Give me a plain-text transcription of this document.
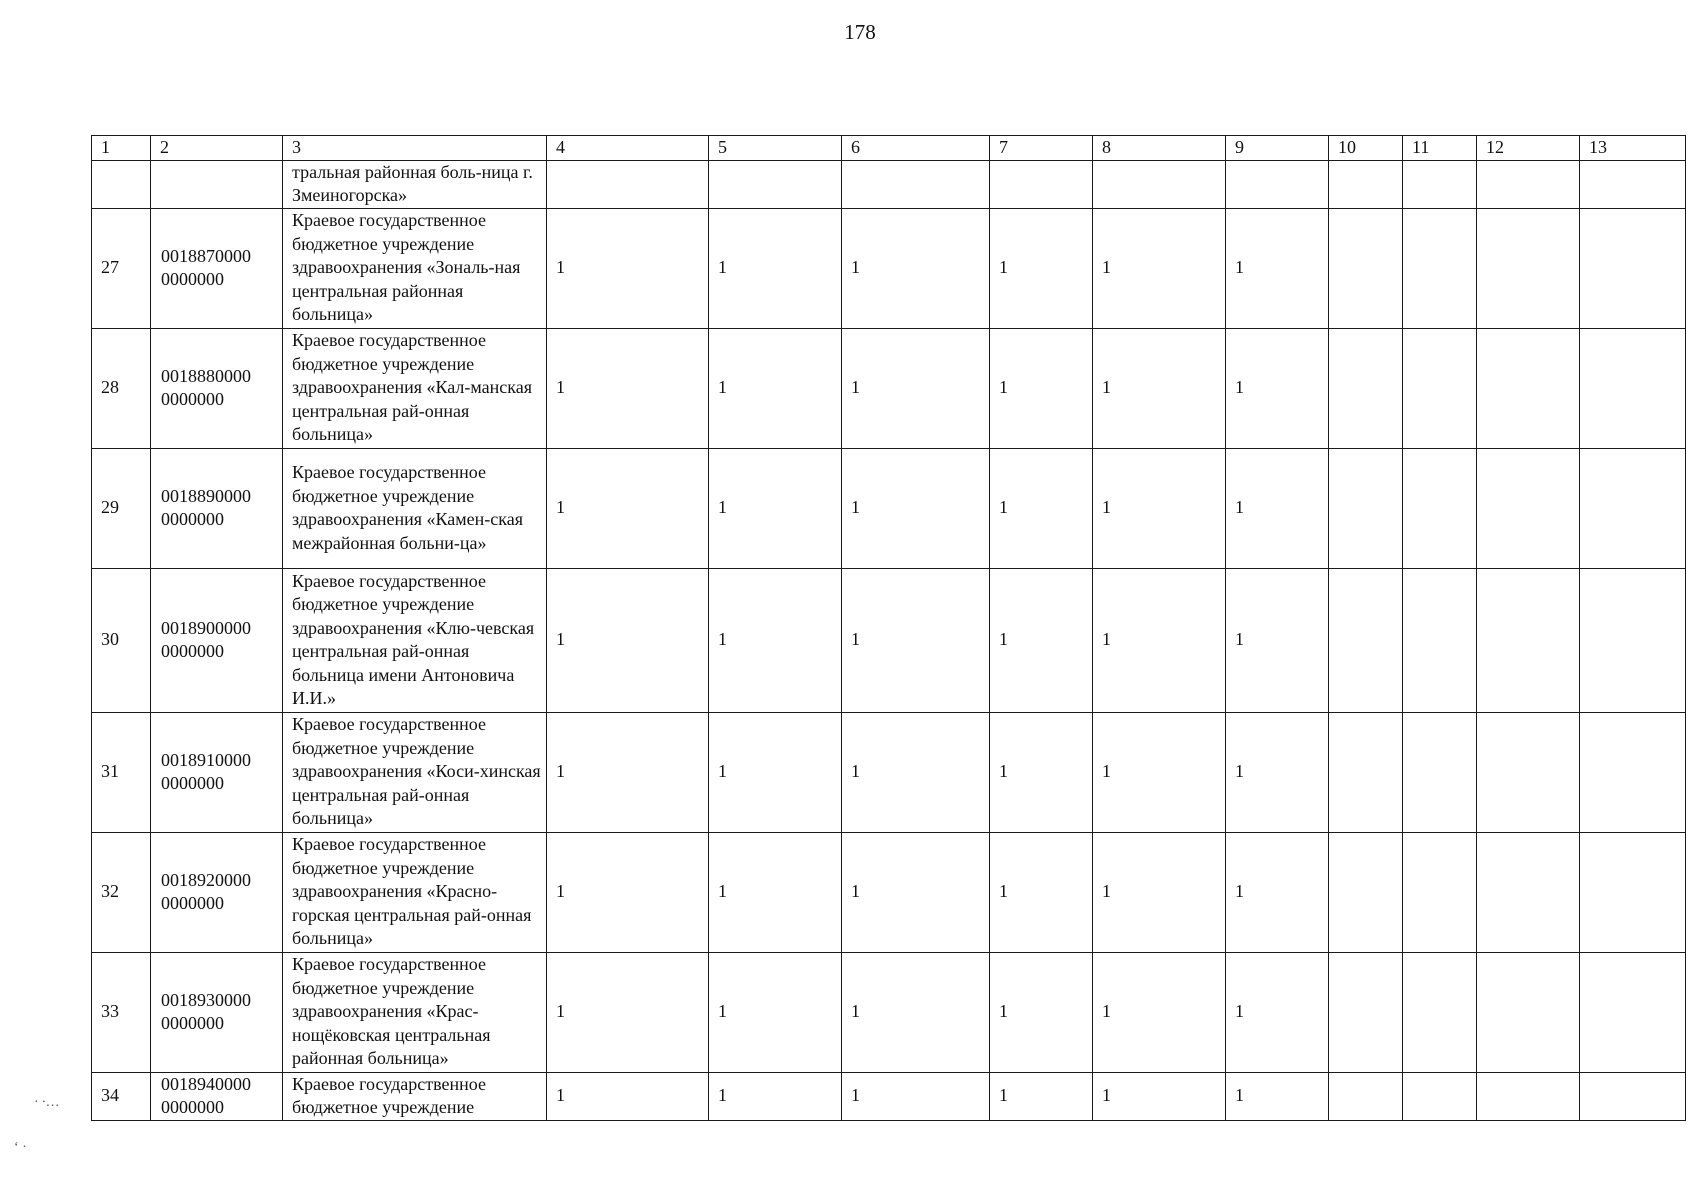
178
1	2	3	4	5	6	7	8	9	10	11	12	13
		тральная районная боль-ница г. Змеиногорска»										
27	0018870000 0000000	Краевое государственное бюджетное учреждение здравоохранения «Зональ-ная центральная районная больница»	1	1	1	1	1	1				
28	0018880000 0000000	Краевое государственное бюджетное учреждение здравоохранения «Кал-манская центральная рай-онная больница»	1	1	1	1	1	1				
29	0018890000 0000000	Краевое государственное бюджетное учреждение здравоохранения «Камен-ская межрайонная больни-ца»	1	1	1	1	1	1				
30	0018900000 0000000	Краевое государственное бюджетное учреждение здравоохранения «Клю-чевская центральная рай-онная больница имени Антоновича И.И.»	1	1	1	1	1	1				
31	0018910000 0000000	Краевое государственное бюджетное учреждение здравоохранения «Коси-хинская центральная рай-онная больница»	1	1	1	1	1	1				
32	0018920000 0000000	Краевое государственное бюджетное учреждение здравоохранения «Красно-горская центральная рай-онная больница»	1	1	1	1	1	1				
33	0018930000 0000000	Краевое государственное бюджетное учреждение здравоохранения «Крас-нощёковская центральная районная больница»	1	1	1	1	1	1				
34	0018940000 0000000	Краевое государственное бюджетное учреждение	1	1	1	1	1	1				
· ∙…
‘ ·
